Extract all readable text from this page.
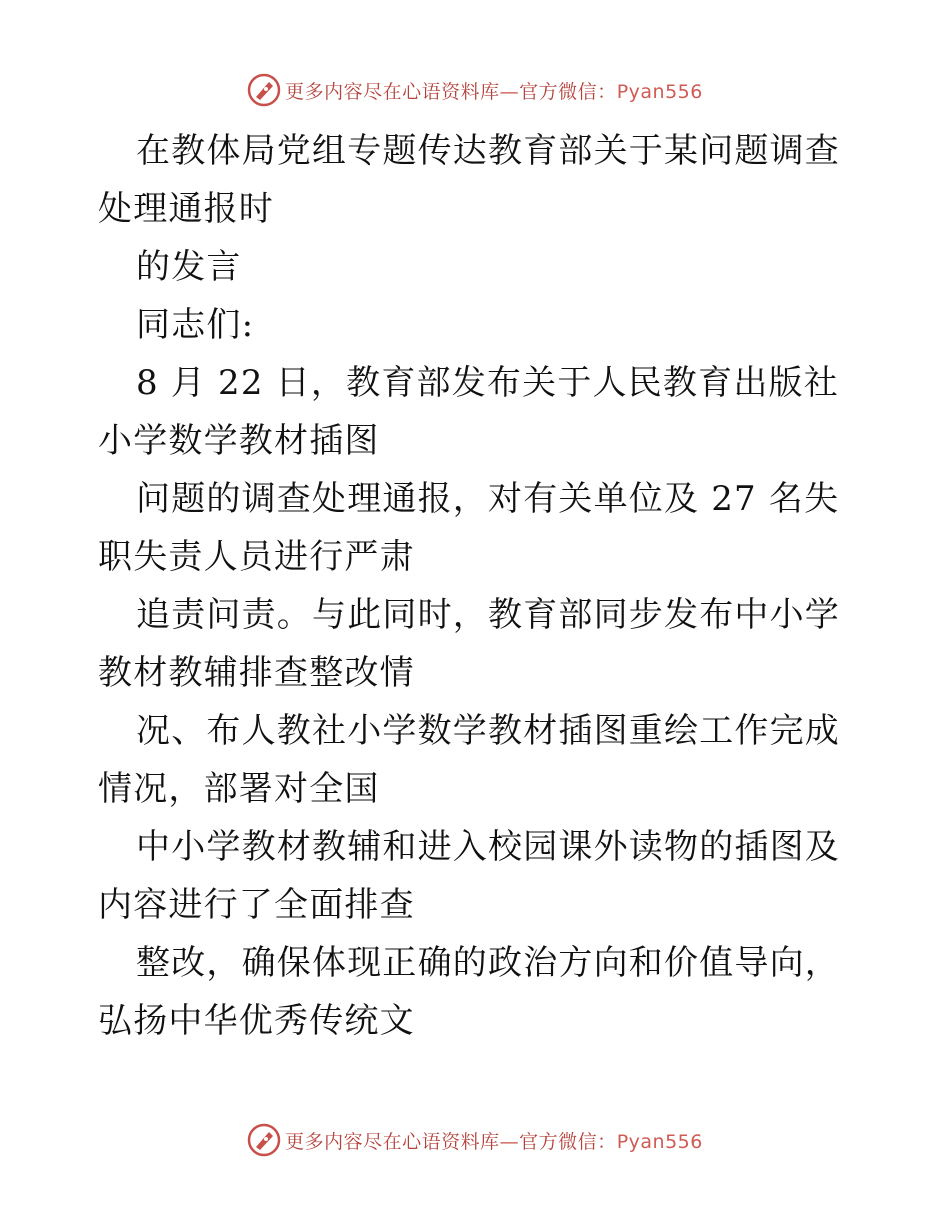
更多内容尽在心语资料库—官方微信：Pyan556

在教体局党组专题传达教育部关于某问题调查处理通报时

的发言

同志们:

8 月 22 日，教育部发布关于人民教育出版社小学数学教材插图

问题的调查处理通报，对有关单位及 27 名失职失责人员进行严肃

追责问责。与此同时，教育部同步发布中小学教材教辅排查整改情

况、布人教社小学数学教材插图重绘工作完成情况，部署对全国

中小学教材教辅和进入校园课外读物的插图及内容进行了全面排查

整改，确保体现正确的政治方向和价值导向，弘扬中华优秀传统文

更多内容尽在心语资料库—官方微信：Pyan556
